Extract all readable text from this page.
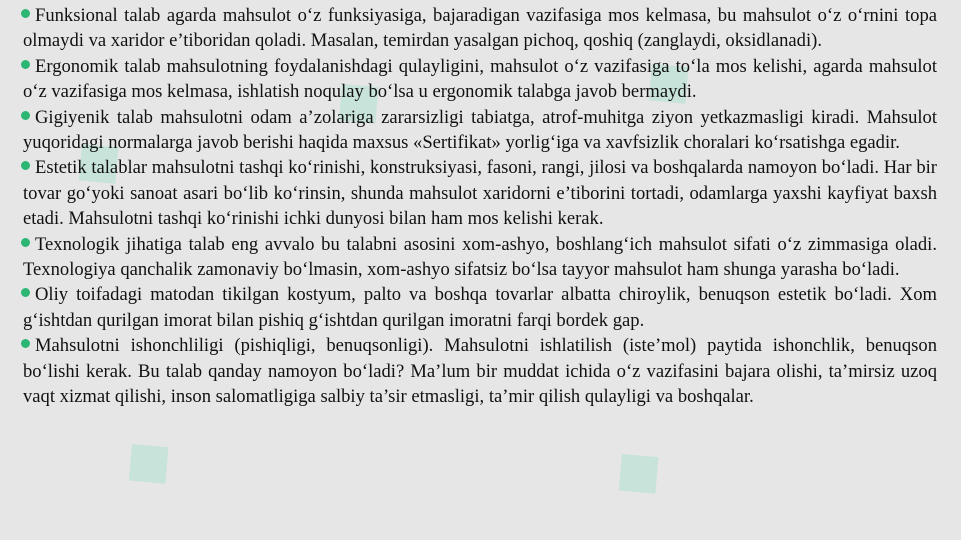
◆
◆	◆
◆	◆

Funksional talab agarda mahsulot o‘z funksiyasiga, bajaradigan vazifasiga mos kelmasa, bu mahsulot o‘z o‘rnini topa olmaydi va xaridor e’tiboridan qoladi. Masalan, temirdan yasalgan pichoq, qoshiq (zanglaydi, oksidlanadi).

Ergonomik talab mahsulotning foydalanishdagi qulayligini, mahsulot o‘z vazifasiga to‘la mos kelishi, agarda mahsulot o‘z vazifasiga mos kelmasa, ishlatish noqulay bo‘lsa u ergonomik talabga javob bermaydi.

Gigiyenik talab mahsulotni odam a’zolariga zararsizligi tabiatga, atrof-muhitga ziyon yetkazmasligi kiradi. Mahsulot yuqoridagi normalarga javob berishi haqida maxsus «Sertifikat» yorlig‘iga va xavfsizlik choralari ko‘rsatishga egadir.

Estetik talablar mahsulotni tashqi ko‘rinishi, konstruksiyasi, fasoni, rangi, jilosi va boshqalarda namoyon bo‘ladi. Har bir tovar go‘yoki sanoat asari bo‘lib ko‘rinsin, shunda mahsulot xaridorni e’tiborini tortadi, odamlarga yaxshi kayfiyat baxsh etadi. Mahsulotni tashqi ko‘rinishi ichki dunyosi bilan ham mos kelishi kerak.

Texnologik jihatiga talab eng avvalo bu talabni asosini xom-ashyo, boshlang‘ich mahsulot sifati o‘z zimmasiga oladi. Texnologiya qanchalik zamonaviy bo‘lmasin, xom-ashyo sifatsiz bo‘lsa tayyor mahsulot ham shunga yarasha bo‘ladi.

Oliy toifadagi matodan tikilgan kostyum, palto va boshqa tovarlar albatta chiroylik, benuqson estetik bo‘ladi. Xom g‘ishtdan qurilgan imorat bilan pishiq g‘ishtdan qurilgan imoratni farqi bordek gap.

Mahsulotni ishonchliligi (pishiqligi, benuqsonligi). Mahsulotni ishlatilish (iste’mol) paytida ishonchlik, benuqson bo‘lishi kerak. Bu talab qanday namoyon bo‘ladi? Ma’lum bir muddat ichida o‘z vazifasini bajara olishi, ta’mirsiz uzoq vaqt xizmat qilishi, inson salomatligiga salbiy ta’sir etmasligi, ta’mir qilish qulayligi va boshqalar.
